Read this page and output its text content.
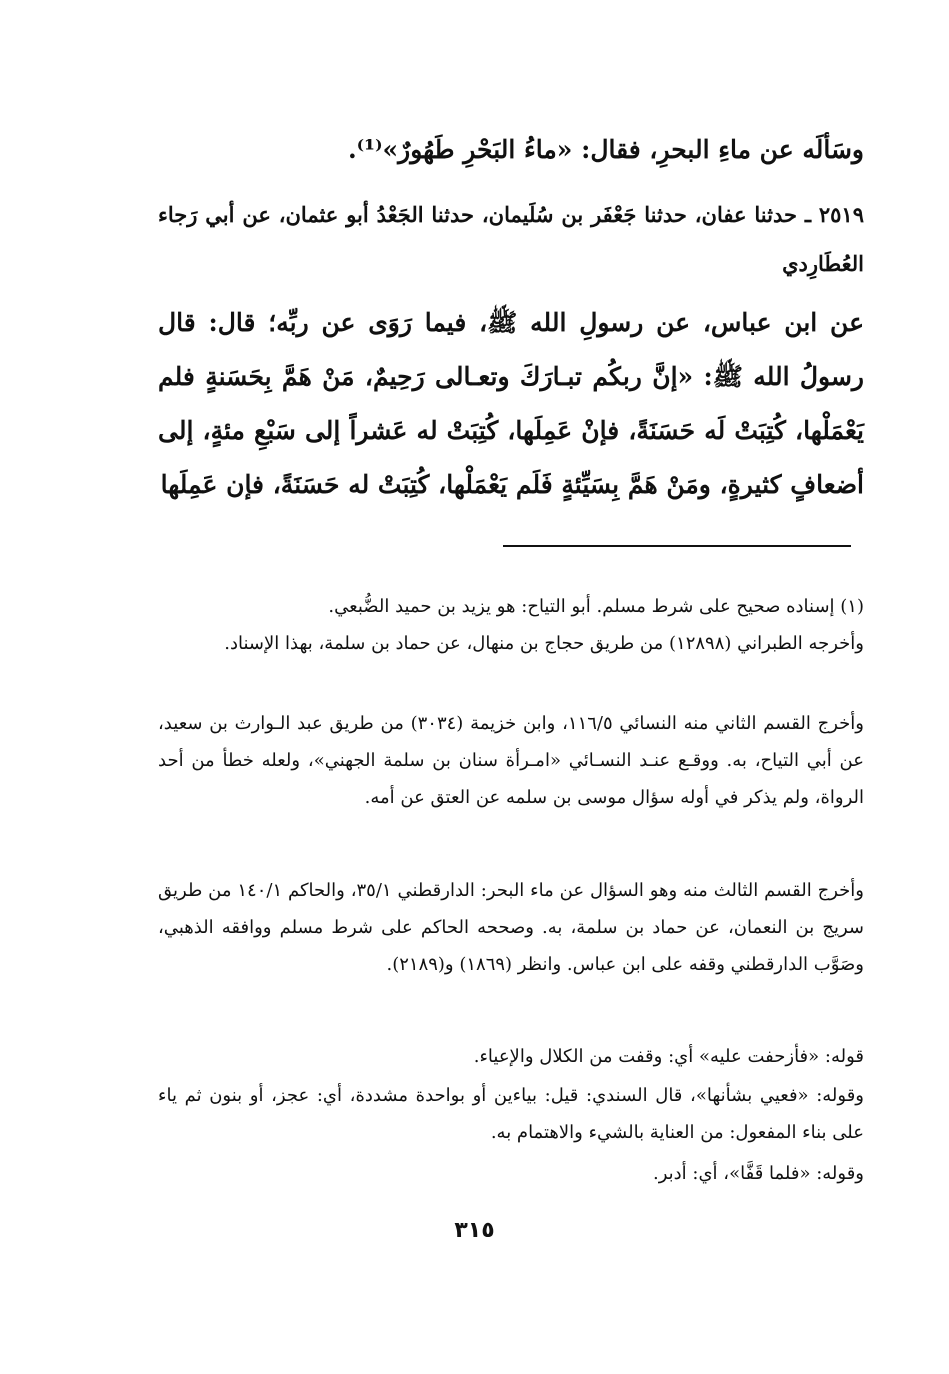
وسَألَه عن ماءِ البحرِ، فقال: «ماءُ البَحْرِ طَهُورٌ»⁽¹⁾.

٢٥١٩ ـ حدثنا عفان، حدثنا جَعْفَر بن سُلَيمان، حدثنا الجَعْدُ أبو عثمان، عن أبي رَجاء العُطَارِدي

عن ابن عباس، عن رسولِ الله ﷺ، فيما رَوَى عن ربِّه؛ قال: قال رسولُ الله ﷺ: «إنَّ ربكُم تبـارَكَ وتعـالى رَحِيمٌ، مَنْ هَمَّ بِحَسَنةٍ فلم يَعْمَلْها، كُتِبَتْ لَه حَسَنَةً، فإنْ عَمِلَها، كُتِبَتْ له عَشراً إلى سَبْعِ مئةٍ، إلى أضعافٍ كثيرةٍ، ومَنْ هَمَّ بِسَيِّئةٍ فَلَم يَعْمَلْها، كُتِبَتْ له حَسَنَةً، فإن عَمِلَها

(١) إسناده صحيح على شرط مسلم. أبو التياح: هو يزيد بن حميد الضُّبعي.

وأخرجه الطبراني (١٢٨٩٨) من طريق حجاج بن منهال، عن حماد بن سلمة، بهذا الإسناد.

وأخرج القسم الثاني منه النسائي ١١٦/٥، وابن خزيمة (٣٠٣٤) من طريق عبد الـوارث بن سعيد، عن أبي التياح، به. ووقـع عنـد النسـائي «امـرأة سنان بن سلمة الجهني»، ولعله خطأ من أحد الرواة، ولم يذكر في أوله سؤال موسى بن سلمه عن العتق عن أمه.

وأخرج القسم الثالث منه وهو السؤال عن ماء البحر: الدارقطني ٣٥/١، والحاكم ١٤٠/١ من طريق سريج بن النعمان، عن حماد بن سلمة، به. وصححه الحاكم على شرط مسلم ووافقه الذهبي، وصَوَّب الدارقطني وقفه على ابن عباس. وانظر (١٨٦٩) و(٢١٨٩).

قوله: «فأزحفت عليه» أي: وقفت من الكلال والإعياء.

وقوله: «فعيي بشأنها»، قال السندي: قيل: بياءين أو بواحدة مشددة، أي: عجز، أو بنون ثم ياء على بناء المفعول: من العناية بالشيء والاهتمام به.

وقوله: «فلما قَفَّا»، أي: أدبر.

٣١٥
